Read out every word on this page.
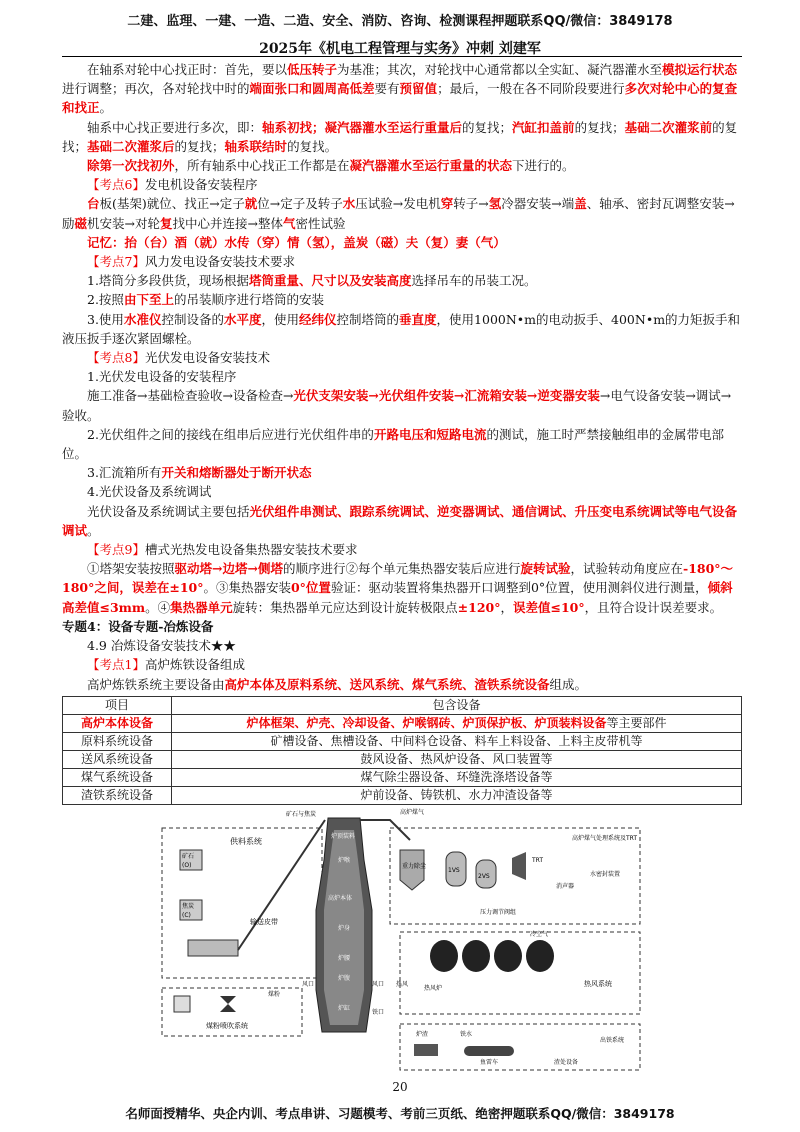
二建、监理、一建、一造、二造、安全、消防、咨询、检测课程押题联系QQ/微信：3849178
2025年《机电工程管理与实务》冲刺 刘建军

在轴系对轮中心找正时：首先，要以低压转子为基准；其次，对轮找中心通常都以全实缸、凝汽器灌水至模拟运行状态进行调整；再次，各对轮找中时的端面张口和圆周高低差要有预留值；最后，一般在各不同阶段要进行多次对轮中心的复查和找正。

轴系中心找正要进行多次，即：轴系初找；凝汽器灌水至运行重量后的复找；汽缸扣盖前的复找；基础二次灌浆前的复找；基础二次灌浆后的复找；轴系联结时的复找。

除第一次找初外，所有轴系中心找正工作都是在凝汽器灌水至运行重量的状态下进行的。

【考点6】发电机设备安装程序

台板(基架)就位、找正→定子就位→定子及转子水压试验→发电机穿转子→氢冷器安装→端盖、轴承、密封瓦调整安装→励磁机安装→对轮复找中心并连接→整体气密性试验

记忆：抬（台）酒（就）水传（穿）情（氢），盖炭（磁）夫（复）妻（气）

【考点7】风力发电设备安装技术要求

1.塔筒分多段供货，现场根据塔筒重量、尺寸以及安装高度选择吊车的吊装工况。

2.按照由下至上的吊装顺序进行塔筒的安装

3.使用水准仪控制设备的水平度，使用经纬仪控制塔筒的垂直度，使用1000N•m的电动扳手、400N•m的力矩扳手和液压扳手逐次紧固螺栓。

【考点8】光伏发电设备安装技术

1.光伏发电设备的安装程序

施工准备→基础检查验收→设备检查→光伏支架安装→光伏组件安装→汇流箱安装→逆变器安装→电气设备安装→调试→验收。

2.光伏组件之间的接线在组串后应进行光伏组件串的开路电压和短路电流的测试，施工时严禁接触组串的金属带电部位。

3.汇流箱所有开关和熔断器处于断开状态

4.光伏设备及系统调试

光伏设备及系统调试主要包括光伏组件串测试、跟踪系统调试、逆变器调试、通信调试、升压变电系统调试等电气设备调试。

【考点9】槽式光热发电设备集热器安装技术要求

①塔架安装按照驱动塔→边塔→侧塔的顺序进行②每个单元集热器安装后应进行旋转试验，试验转动角度应在-180°～180°之间，误差在±10°。③集热器安装0°位置验证：驱动装置将集热器开口调整到0°位置，使用测斜仪进行测量，倾斜高差值≤3mm。④集热器单元旋转：集热器单元应达到设计旋转极限点±120°，误差值≤10°，且符合设计误差要求。

专题4：设备专题-冶炼设备

4.9 冶炼设备安装技术★★

【考点1】高炉炼铁设备组成

高炉炼铁系统主要设备由高炉本体及原料系统、送风系统、煤气系统、渣铁系统设备组成。

项目	包含设备
高炉本体设备	炉体框架、炉壳、冷却设备、炉喉钢砖、炉顶保护板、炉顶装料设备等主要部件
原料系统设备	矿槽设备、焦槽设备、中间料仓设备、料车上料设备、上料主皮带机等
送风系统设备	鼓风设备、热风炉设备、风口装置等
煤气系统设备	煤气除尘器设备、环缝洗涤塔设备等
渣铁系统设备	炉前设备、铸铁机、水力冲渣设备等
供料系统
矿石
(O)
焦炭
(C)
输送皮带
矿石与焦炭
煤粉喷吹系统
煤粉
炉顶装料
炉喉
高炉本体
炉身
炉腰
炉腹
炉缸
风口	风口
铁口
高炉煤气
重力除尘
1VS
2VS
TRT
高炉煤气处理系统及TRT
消声器
水密封装置
压力调节阀组
冷空气
热风炉
热风系统
热风
炉渣	铁水
鱼雷车
出铁系统
渣处设备
20
名师面授精华、央企内训、考点串讲、习题模考、考前三页纸、绝密押题联系QQ/微信：3849178
